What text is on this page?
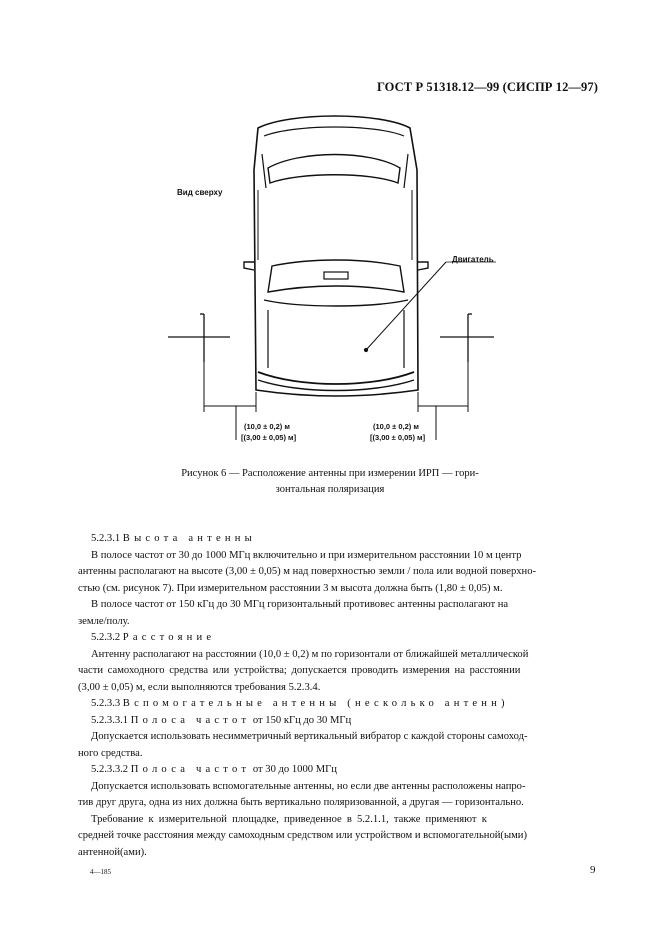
ГОСТ Р 51318.12—99 (СИСПР 12—97)
Вид сверху
Двигатель
(10,0 ± 0,2) м
[(3,00 ± 0,05) м]
(10,0 ± 0,2) м
[(3,00 ± 0,05) м]
Рисунок 6 — Расположение антенны при измерении ИРП — гори-
зонтальная поляризация

5.2.3.1 Высота антенны

В полосе частот от 30 до 1000 МГц включительно и при измерительном расстоянии 10 м центр

антенны располагают на высоте (3,00 ± 0,05) м над поверхностью земли / пола или водной поверхно-

стью (см. рисунок 7). При измерительном расстоянии 3 м высота должна быть (1,80 ± 0,05) м.

В полосе частот от 150 кГц до 30 МГц горизонтальный противовес антенны располагают на

земле/полу.

5.2.3.2 Расстояние

Антенну располагают на расстоянии (10,0 ± 0,2) м по горизонтали от ближайшей металлической

части самоходного средства или устройства; допускается проводить измерения на расстоянии

(3,00 ± 0,05) м, если выполняются требования 5.2.3.4.

5.2.3.3 Вспомогательные антенны (несколько антенн)

5.2.3.3.1 Полоса частот от 150 кГц до 30 МГц

Допускается использовать несимметричный вертикальный вибратор с каждой стороны самоход-

ного средства.

5.2.3.3.2 Полоса частот от 30 до 1000 МГц

Допускается использовать вспомогательные антенны, но если две антенны расположены напро-

тив друг друга, одна из них должна быть вертикально поляризованной, а другая — горизонтально.

Требование к измерительной площадке, приведенное в 5.2.1.1, также применяют к

средней точке расстояния между самоходным средством или устройством и вспомогательной(ыми)

антенной(ами).

4—185	9
